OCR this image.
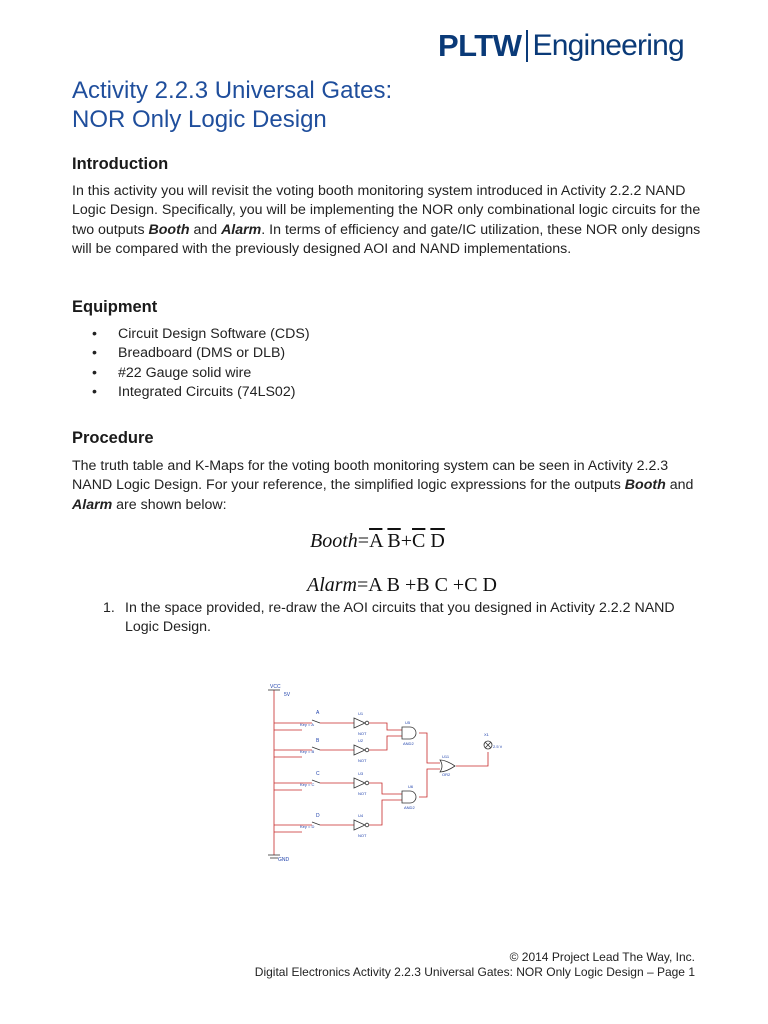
PLTW Engineering
Activity 2.2.3 Universal Gates:
NOR Only Logic Design
Introduction
In this activity you will revisit the voting booth monitoring system introduced in Activity 2.2.2 NAND Logic Design. Specifically, you will be implementing the NOR only combinational logic circuits for the two outputs Booth and Alarm. In terms of efficiency and gate/IC utilization, these NOR only designs will be compared with the previously designed AOI and NAND implementations.
Equipment
• Circuit Design Software (CDS)
• Breadboard (DMS or DLB)
• #22 Gauge solid wire
• Integrated Circuits (74LS02)
Procedure
The truth table and K-Maps for the voting booth monitoring system can be seen in Activity 2.2.3 NAND Logic Design. For your reference, the simplified logic expressions for the outputs Booth and Alarm are shown below:
$Booth=\overline{A}$ $\overline{B}+\overline{C}$ $\overline{D}$
Alarm=A B +B C +C D
1. In the space provided, re-draw the AOI circuits that you designed in Activity 2.2.2 NAND Logic Design.
VCC
5V
GND
A
Key = A
B
Key = B
C
Key = C
D
Key = D
U1
NOT
U2
NOT
U3
NOT
U4
NOT
U5
AND2
U6
AND2
U11
OR2
X1
2.5 V
© 2014 Project Lead The Way, Inc.
Digital Electronics Activity 2.2.3 Universal Gates: NOR Only Logic Design – Page 1
